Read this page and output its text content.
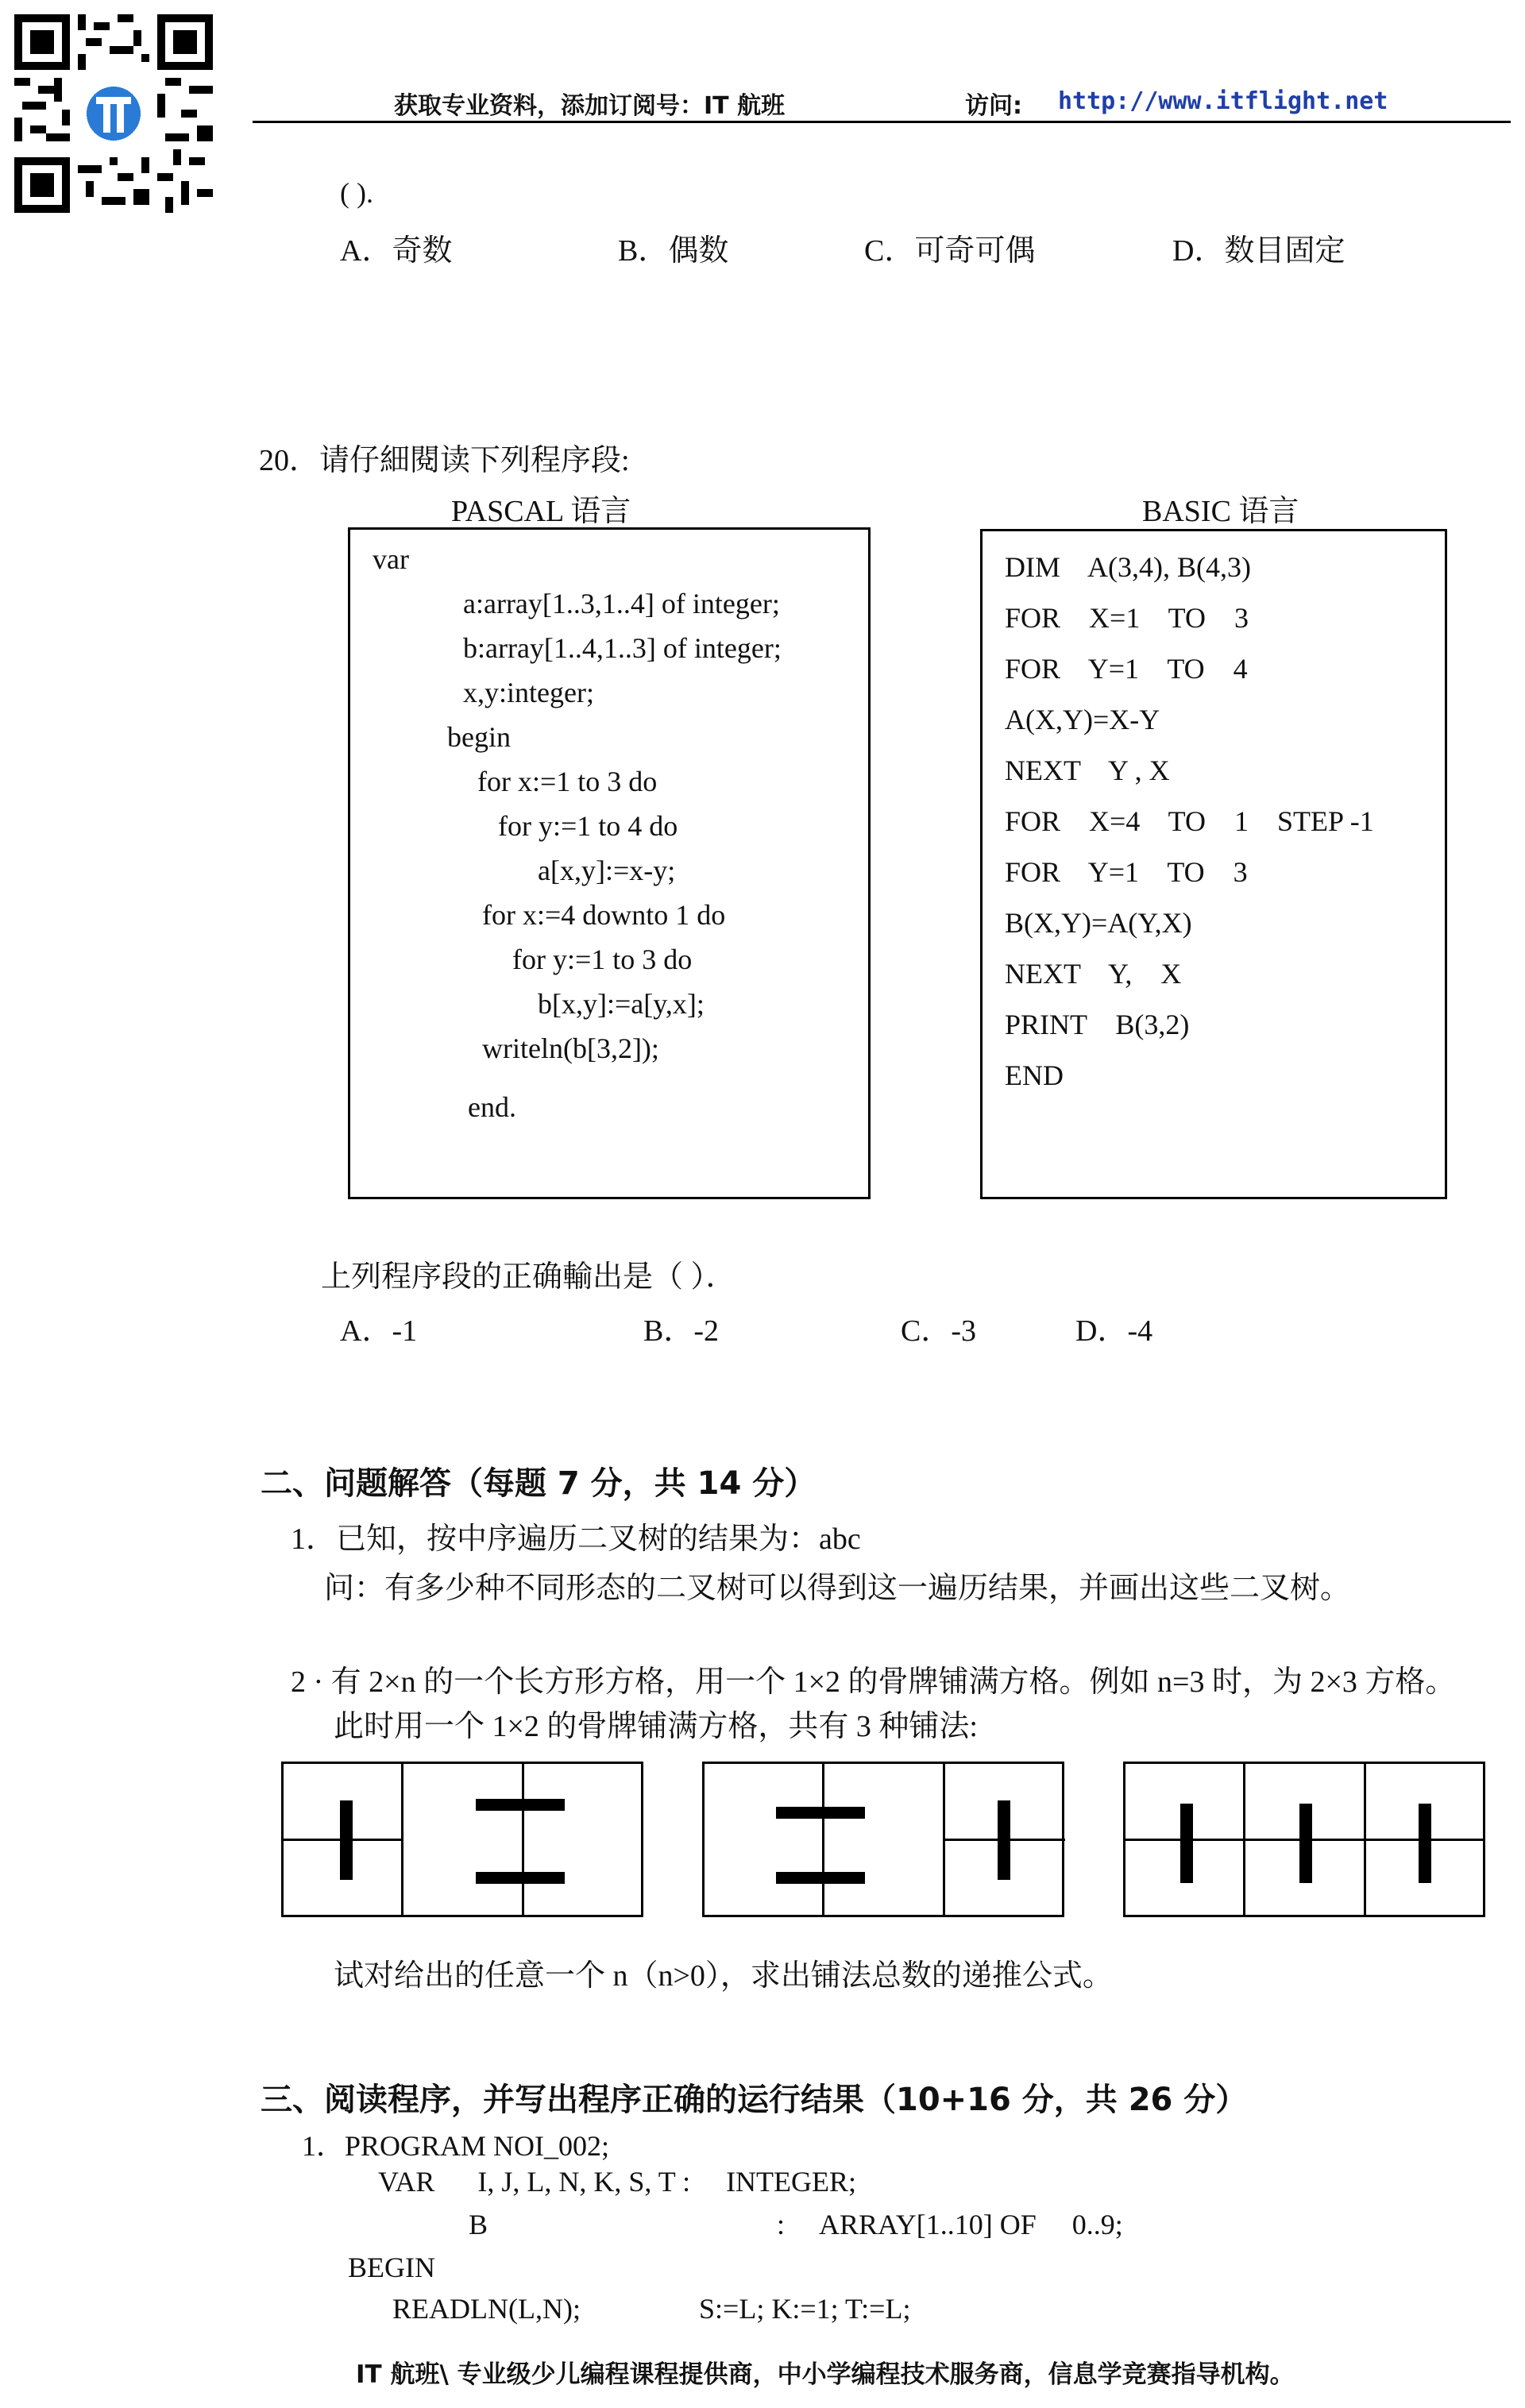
获取专业资料，添加订阅号：IT 航班	访问: http://www.itflight.net
( ).
A．奇数	B．偶数	C．可奇可偶	D．数目固定
20．请仔細閱读下列程序段:
PASCAL 语言	BASIC 语言
var
a:array[1..3,1..4] of integer;
b:array[1..4,1..3] of integer;
x,y:integer;
begin
for x:=1 to 3 do
for y:=1 to 4 do
a[x,y]:=x-y;
for x:=4 downto 1 do
for y:=1 to 3 do
b[x,y]:=a[y,x];
writeln(b[3,2]);
end.
DIM    A(3,4), B(4,3)
FOR    X=1    TO    3
FOR    Y=1    TO    4
A(X,Y)=X-Y
NEXT    Y , X
FOR    X=4    TO    1    STEP -1
FOR    Y=1    TO    3
B(X,Y)=A(Y,X)
NEXT    Y,    X
PRINT    B(3,2)
END
上列程序段的正确輸出是（ ）．
A．-1	B．-2	C．-3	D．-4
二、问题解答（每题 7 分，共 14 分）
1．已知，按中序遍历二叉树的结果为：abc
问：有多少种不同形态的二叉树可以得到这一遍历结果，并画出这些二叉树。
2 · 有 2×n 的一个长方形方格，用一个 1×2 的骨牌铺满方格。例如 n=3 时，为 2×3 方格。
此时用一个 1×2 的骨牌铺满方格，共有 3 种铺法:
试对给出的任意一个 n（n>0），求出铺法总数的递推公式。
三、阅读程序，并写出程序正确的运行结果（10+16 分，共 26 分）
1．PROGRAM NOI_002;
VAR      I, J, L, N, K, S, T :     INTEGER;
B	:     ARRAY[1..10] OF     0..9;
BEGIN
READLN(L,N);	S:=L; K:=1; T:=L;
IT 航班\ 专业级少儿编程课程提供商，中小学编程技术服务商，信息学竞赛指导机构。
